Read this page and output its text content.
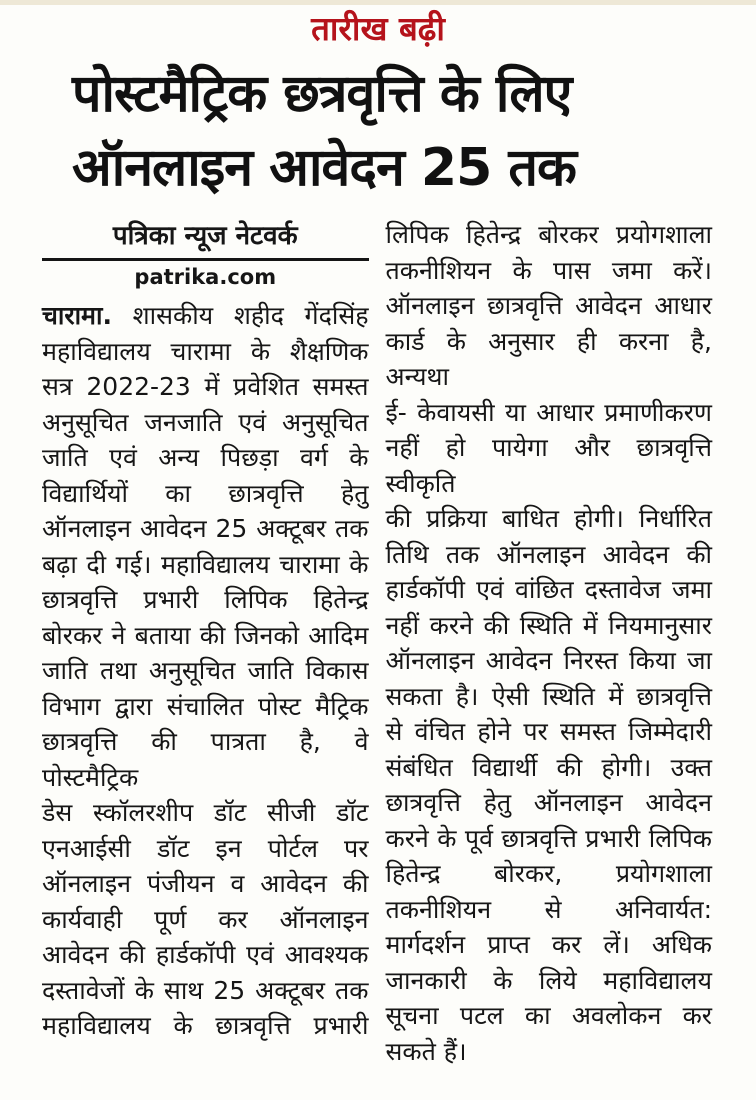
तारीख बढ़ी
पोस्टमैट्रिक छत्रवृत्ति के लिए
ऑनलाइन आवेदन 25 तक
पत्रिका न्यूज नेटवर्क
patrika.com
चारामा. शासकीय शहीद गेंदसिंह
महाविद्यालय चारामा के शैक्षणिक
सत्र 2022-23 में प्रवेशित समस्त
अनुसूचित जनजाति एवं अनुसूचित
जाति एवं अन्य पिछड़ा वर्ग के
विद्यार्थियों का छात्रवृत्ति हेतु
ऑनलाइन आवेदन 25 अक्टूबर तक
बढ़ा दी गई। महाविद्यालय चारामा के
छात्रवृत्ति प्रभारी लिपिक हितेन्द्र
बोरकर ने बताया की जिनको आदिम
जाति तथा अनुसूचित जाति विकास
विभाग द्वारा संचालित पोस्ट मैट्रिक
छात्रवृत्ति की पात्रता है, वे पोस्टमैट्रिक
डेस स्कॉलरशीप डॉट सीजी डॉट
एनआईसी डॉट इन पोर्टल पर
ऑनलाइन पंजीयन व आवेदन की
कार्यवाही पूर्ण कर ऑनलाइन
आवेदन की हार्डकॉपी एवं आवश्यक
दस्तावेजों के साथ 25 अक्टूबर तक
महाविद्यालय के छात्रवृत्ति प्रभारी
लिपिक हितेन्द्र बोरकर प्रयोगशाला
तकनीशियन के पास जमा करें।
ऑनलाइन छात्रवृत्ति आवेदन आधार
कार्ड के अनुसार ही करना है, अन्यथा
ई- केवायसी या आधार प्रमाणीकरण
नहीं हो पायेगा और छात्रवृत्ति स्वीकृति
की प्रक्रिया बाधित होगी। निर्धारित
तिथि तक ऑनलाइन आवेदन की
हार्डकॉपी एवं वांछित दस्तावेज जमा
नहीं करने की स्थिति में नियमानुसार
ऑनलाइन आवेदन निरस्त किया जा
सकता है। ऐसी स्थिति में छात्रवृत्ति
से वंचित होने पर समस्त जिम्मेदारी
संबंधित विद्यार्थी की होगी। उक्त
छात्रवृत्ति हेतु ऑनलाइन आवेदन
करने के पूर्व छात्रवृत्ति प्रभारी लिपिक
हितेन्द्र बोरकर, प्रयोगशाला
तकनीशियन से अनिवार्यत:
मार्गदर्शन प्राप्त कर लें। अधिक
जानकारी के लिये महाविद्यालय
सूचना पटल का अवलोकन कर
सकते हैं।
